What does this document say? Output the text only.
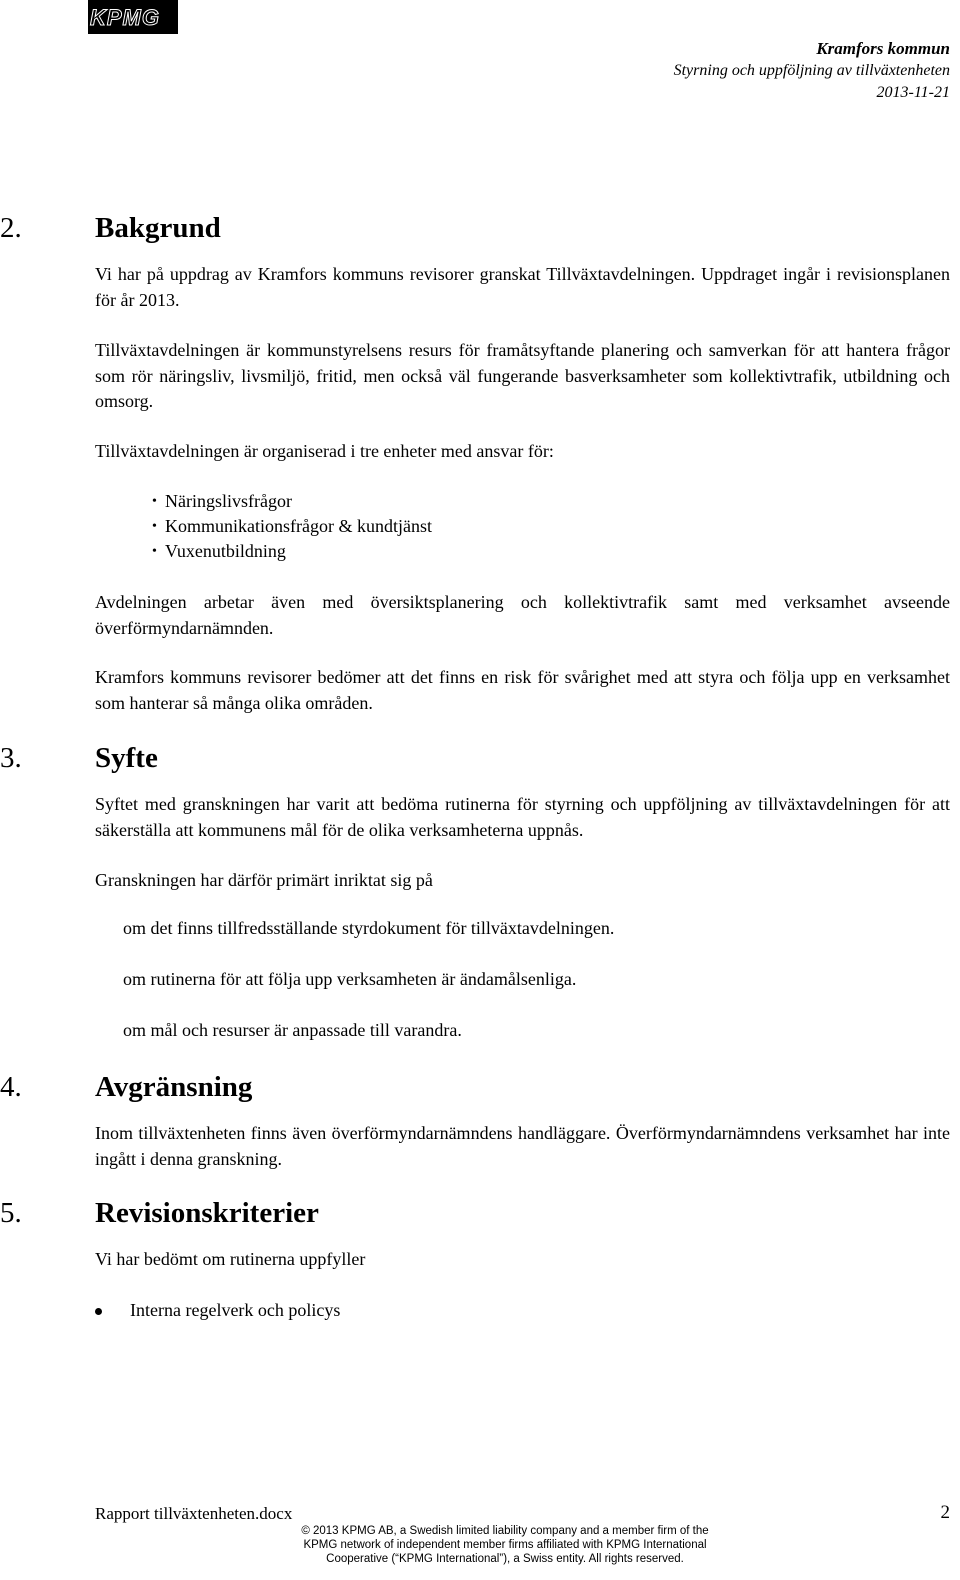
KPMG
Kramfors kommun
Styrning och uppföljning av tillväxtenheten
2013-11-21
2.	Bakgrund
Vi har på uppdrag av Kramfors kommuns revisorer granskat Tillväxtavdelningen. Uppdraget ingår i revisionsplanen för år 2013.
Tillväxtavdelningen är kommunstyrelsens resurs för framåtsyftande planering och samverkan för att hantera frågor som rör näringsliv, livsmiljö, fritid, men också väl fungerande basverksamheter som kollektivtrafik, utbildning och omsorg.
Tillväxtavdelningen är organiserad i tre enheter med ansvar för:
• Näringslivsfrågor
• Kommunikationsfrågor & kundtjänst
• Vuxenutbildning
Avdelningen arbetar även med översiktsplanering och kollektivtrafik samt med verksamhet avseende överförmyndarnämnden.
Kramfors kommuns revisorer bedömer att det finns en risk för svårighet med att styra och följa upp en verksamhet som hanterar så många olika områden.
3.	Syfte
Syftet med granskningen har varit att bedöma rutinerna för styrning och uppföljning av tillväxtavdelningen för att säkerställa att kommunens mål för de olika verksamheterna uppnås.
Granskningen har därför primärt inriktat sig på
om det finns tillfredsställande styrdokument för tillväxtavdelningen.
om rutinerna för att följa upp verksamheten är ändamålsenliga.
om mål och resurser är anpassade till varandra.
4.	Avgränsning
Inom tillväxtenheten finns även överförmyndarnämndens handläggare. Överförmyndarnämndens verksamhet har inte ingått i denna granskning.
5.	Revisionskriterier
Vi har bedömt om rutinerna uppfyller
Interna regelverk och policys
Rapport tillväxtenheten.docx	2
© 2013 KPMG AB, a Swedish limited liability company and a member firm of the KPMG network of independent member firms affiliated with KPMG International Cooperative (“KPMG International”), a Swiss entity. All rights reserved.
